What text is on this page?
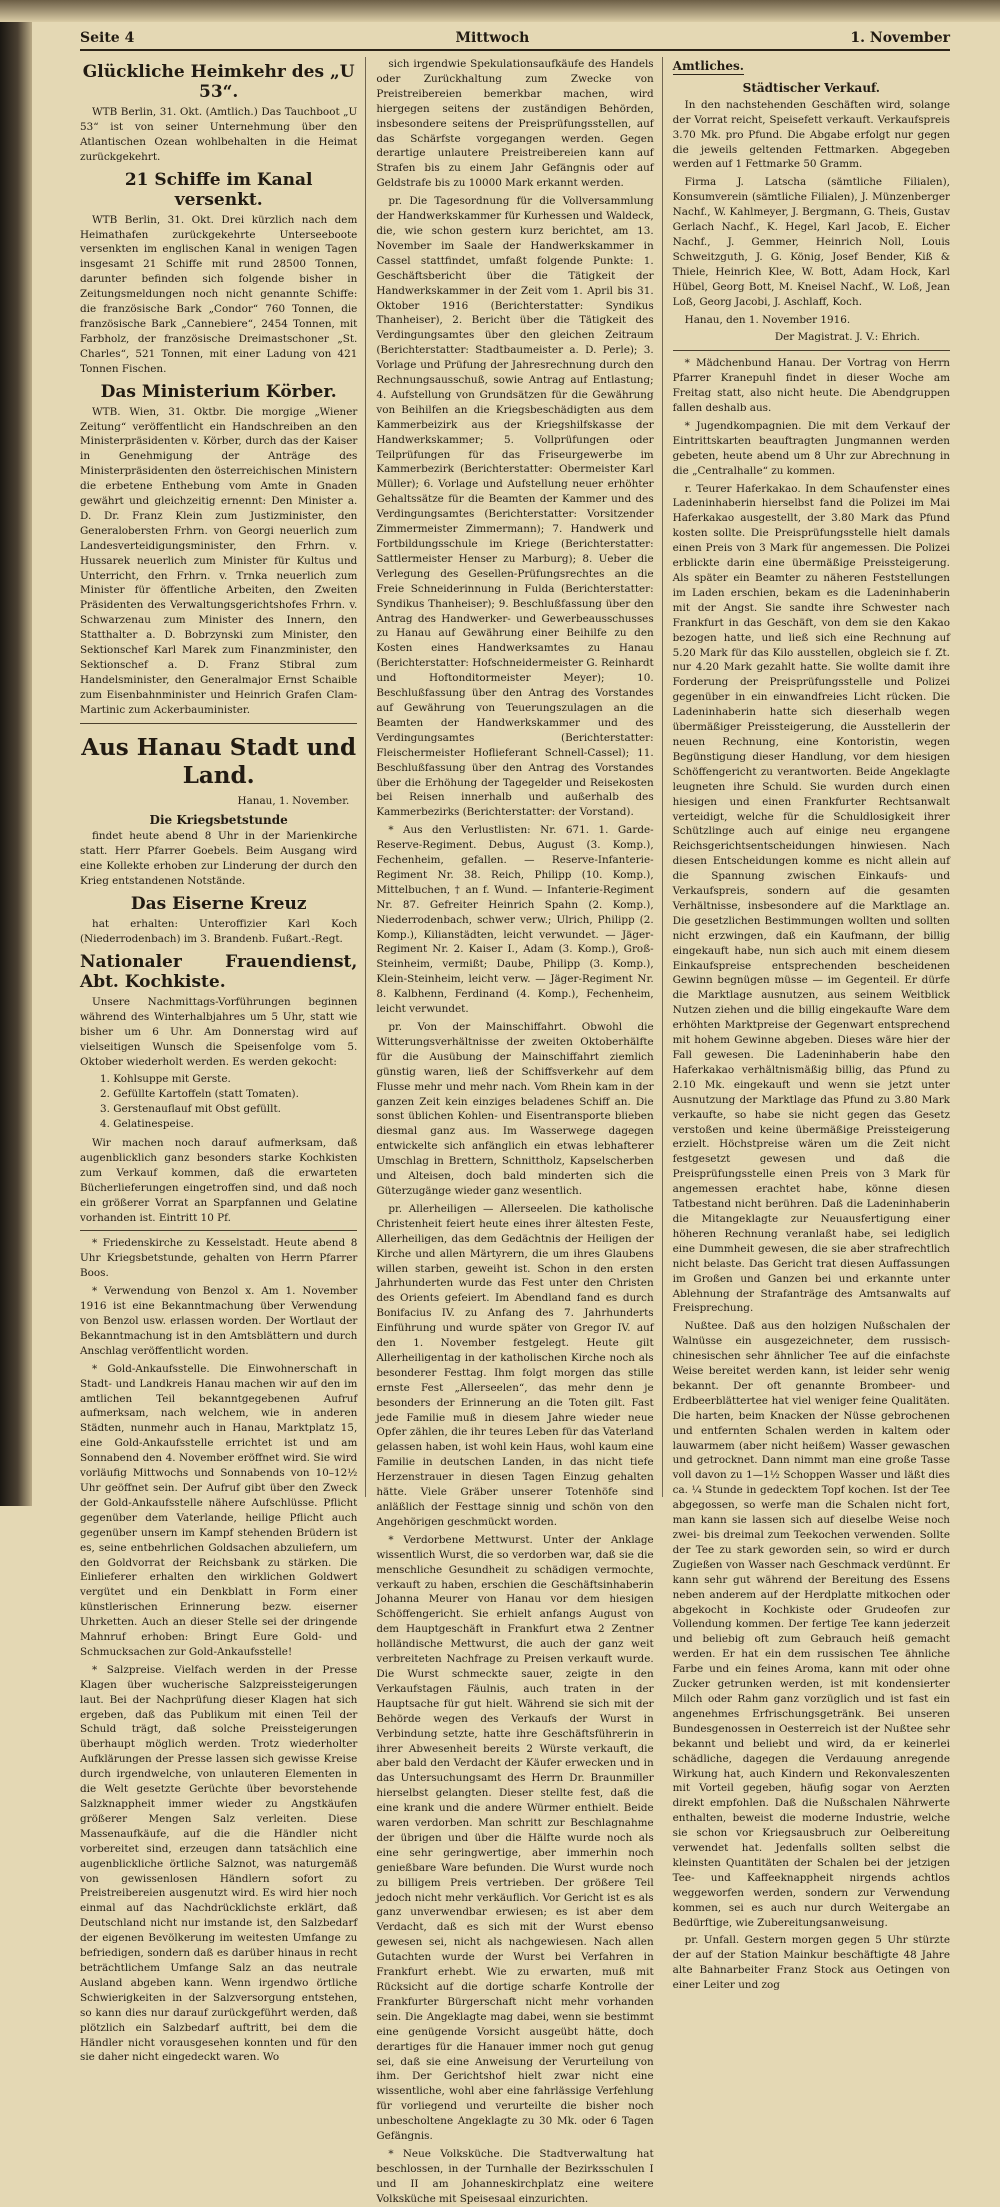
Seite 4	Mittwoch	1. November
Glückliche Heimkehr des „U 53“.

WTB Berlin, 31. Okt. (Amtlich.) Das Tauchboot „U 53“ ist von seiner Unternehmung über den Atlantischen Ozean wohlbehalten in die Heimat zurückgekehrt.

21 Schiffe im Kanal versenkt.

WTB Berlin, 31. Okt. Drei kürzlich nach dem Heimathafen zurückgekehrte Unterseeboote versenkten im englischen Kanal in wenigen Tagen insgesamt 21 Schiffe mit rund 28500 Tonnen, darunter befinden sich folgende bisher in Zeitungsmeldungen noch nicht genannte Schiffe: die französische Bark „Condor“ 760 Tonnen, die französische Bark „Cannebiere“, 2454 Tonnen, mit Farbholz, der französische Dreimastschoner „St. Charles“, 521 Tonnen, mit einer Ladung von 421 Tonnen Fischen.

Das Ministerium Körber.

WTB. Wien, 31. Oktbr. Die morgige „Wiener Zeitung“ veröffentlicht ein Handschreiben an den Ministerpräsidenten v. Körber, durch das der Kaiser in Genehmigung der Anträge des Ministerpräsidenten den österreichischen Ministern die erbetene Enthebung vom Amte in Gnaden gewährt und gleichzeitig ernennt: Den Minister a. D. Dr. Franz Klein zum Justizminister, den Generalobersten Frhrn. von Georgi neuerlich zum Landesverteidigungsminister, den Frhrn. v. Hussarek neuerlich zum Minister für Kultus und Unterricht, den Frhrn. v. Trnka neuerlich zum Minister für öffentliche Arbeiten, den Zweiten Präsidenten des Verwaltungsgerichtshofes Frhrn. v. Schwarzenau zum Minister des Innern, den Statthalter a. D. Bobrzynski zum Minister, den Sektionschef Karl Marek zum Finanzminister, den Sektionschef a. D. Franz Stibral zum Handelsminister, den Generalmajor Ernst Schaible zum Eisenbahnminister und Heinrich Grafen Clam-Martinic zum Ackerbauminister.

Aus Hanau Stadt und Land.
Hanau, 1. November.
Die Kriegsbetstunde

findet heute abend 8 Uhr in der Marienkirche statt. Herr Pfarrer Goebels. Beim Ausgang wird eine Kollekte erhoben zur Linderung der durch den Krieg entstandenen Notstände.

Das Eiserne Kreuz

hat erhalten: Unteroffizier Karl Koch (Niederrodenbach) im 3. Brandenb. Fußart.-Regt.

Nationaler Frauendienst, Abt. Kochkiste.

Unsere Nachmittags-Vorführungen beginnen während des Winterhalbjahres um 5 Uhr, statt wie bisher um 6 Uhr. Am Donnerstag wird auf vielseitigen Wunsch die Speisenfolge vom 5. Oktober wiederholt werden. Es werden gekocht:

1. Kohlsuppe mit Gerste.
2. Gefüllte Kartoffeln (statt Tomaten).
3. Gerstenauflauf mit Obst gefüllt.
4. Gelatinespeise.

Wir machen noch darauf aufmerksam, daß augenblicklich ganz besonders starke Kochkisten zum Verkauf kommen, daß die erwarteten Bücherlieferungen eingetroffen sind, und daß noch ein größerer Vorrat an Sparpfannen und Gelatine vorhanden ist. Eintritt 10 Pf.

* Friedenskirche zu Kesselstadt. Heute abend 8 Uhr Kriegsbetstunde, gehalten von Herrn Pfarrer Boos.

* Verwendung von Benzol x. Am 1. November 1916 ist eine Bekanntmachung über Verwendung von Benzol usw. erlassen worden. Der Wortlaut der Bekanntmachung ist in den Amtsblättern und durch Anschlag veröffentlicht worden.

* Gold-Ankaufsstelle. Die Einwohnerschaft in Stadt- und Landkreis Hanau machen wir auf den im amtlichen Teil bekanntgegebenen Aufruf aufmerksam, nach welchem, wie in anderen Städten, nunmehr auch in Hanau, Marktplatz 15, eine Gold-Ankaufsstelle errichtet ist und am Sonnabend den 4. November eröffnet wird. Sie wird vorläufig Mittwochs und Sonnabends von 10–12½ Uhr geöffnet sein. Der Aufruf gibt über den Zweck der Gold-Ankaufsstelle nähere Aufschlüsse. Pflicht gegenüber dem Vaterlande, heilige Pflicht auch gegenüber unsern im Kampf stehenden Brüdern ist es, seine entbehrlichen Goldsachen abzuliefern, um den Goldvorrat der Reichsbank zu stärken. Die Einlieferer erhalten den wirklichen Goldwert vergütet und ein Denkblatt in Form einer künstlerischen Erinnerung bezw. eiserner Uhrketten. Auch an dieser Stelle sei der dringende Mahnruf erhoben: Bringt Eure Gold- und Schmucksachen zur Gold-Ankaufsstelle!

* Salzpreise. Vielfach werden in der Presse Klagen über wucherische Salzpreissteigerungen laut. Bei der Nachprüfung dieser Klagen hat sich ergeben, daß das Publikum mit einen Teil der Schuld trägt, daß solche Preissteigerungen überhaupt möglich werden. Trotz wiederholter Aufklärungen der Presse lassen sich gewisse Kreise durch irgendwelche, von unlauteren Elementen in die Welt gesetzte Gerüchte über bevorstehende Salzknappheit immer wieder zu Angstkäufen größerer Mengen Salz verleiten. Diese Massenaufkäufe, auf die die Händler nicht vorbereitet sind, erzeugen dann tatsächlich eine augenblickliche örtliche Salznot, was naturgemäß von gewissenlosen Händlern sofort zu Preistreibereien ausgenutzt wird. Es wird hier noch einmal auf das Nachdrücklichste erklärt, daß Deutschland nicht nur imstande ist, den Salzbedarf der eigenen Bevölkerung im weitesten Umfange zu befriedigen, sondern daß es darüber hinaus in recht beträchtlichem Umfange Salz an das neutrale Ausland abgeben kann. Wenn irgendwo örtliche Schwierigkeiten in der Salzversorgung entstehen, so kann dies nur darauf zurückgeführt werden, daß plötzlich ein Salzbedarf auftritt, bei dem die Händler nicht vorausgesehen konnten und für den sie daher nicht eingedeckt waren. Wo

sich irgendwie Spekulationsaufkäufe des Handels oder Zurückhaltung zum Zwecke von Preistreibereien bemerkbar machen, wird hiergegen seitens der zuständigen Behörden, insbesondere seitens der Preisprüfungsstellen, auf das Schärfste vorgegangen werden. Gegen derartige unlautere Preistreibereien kann auf Strafen bis zu einem Jahr Gefängnis oder auf Geldstrafe bis zu 10000 Mark erkannt werden.

pr. Die Tagesordnung für die Vollversammlung der Handwerkskammer für Kurhessen und Waldeck, die, wie schon gestern kurz berichtet, am 13. November im Saale der Handwerkskammer in Cassel stattfindet, umfaßt folgende Punkte: 1. Geschäftsbericht über die Tätigkeit der Handwerkskammer in der Zeit vom 1. April bis 31. Oktober 1916 (Berichterstatter: Syndikus Thanheiser), 2. Bericht über die Tätigkeit des Verdingungsamtes über den gleichen Zeitraum (Berichterstatter: Stadtbaumeister a. D. Perle); 3. Vorlage und Prüfung der Jahresrechnung durch den Rechnungsausschuß, sowie Antrag auf Entlastung; 4. Aufstellung von Grundsätzen für die Gewährung von Beihilfen an die Kriegsbeschädigten aus dem Kammerbeizirk aus der Kriegshilfskasse der Handwerkskammer; 5. Vollprüfungen oder Teilprüfungen für das Friseurgewerbe im Kammerbezirk (Berichterstatter: Obermeister Karl Müller); 6. Vorlage und Aufstellung neuer erhöhter Gehaltssätze für die Beamten der Kammer und des Verdingungsamtes (Berichterstatter: Vorsitzender Zimmermeister Zimmermann); 7. Handwerk und Fortbildungsschule im Kriege (Berichterstatter: Sattlermeister Henser zu Marburg); 8. Ueber die Verlegung des Gesellen-Prüfungsrechtes an die Freie Schneiderinnung in Fulda (Berichterstatter: Syndikus Thanheiser); 9. Beschlußfassung über den Antrag des Handwerker- und Gewerbeausschusses zu Hanau auf Gewährung einer Beihilfe zu den Kosten eines Handwerksamtes zu Hanau (Berichterstatter: Hofschneidermeister G. Reinhardt und Hoftonditormeister Meyer); 10. Beschlußfassung über den Antrag des Vorstandes auf Gewährung von Teuerungszulagen an die Beamten der Handwerkskammer und des Verdingungsamtes (Berichterstatter: Fleischermeister Hoflieferant Schnell-Cassel); 11. Beschlußfassung über den Antrag des Vorstandes über die Erhöhung der Tagegelder und Reisekosten bei Reisen innerhalb und außerhalb des Kammerbezirks (Berichterstatter: der Vorstand).

* Aus den Verlustlisten: Nr. 671. 1. Garde-Reserve-Regiment. Debus, August (3. Komp.), Fechenheim, gefallen. — Reserve-Infanterie-Regiment Nr. 38. Reich, Philipp (10. Komp.), Mittelbuchen, † an f. Wund. — Infanterie-Regiment Nr. 87. Gefreiter Heinrich Spahn (2. Komp.), Niederrodenbach, schwer verw.; Ulrich, Philipp (2. Komp.), Kilianstädten, leicht verwundet. — Jäger-Regiment Nr. 2. Kaiser I., Adam (3. Komp.), Groß-Steinheim, vermißt; Daube, Philipp (3. Komp.), Klein-Steinheim, leicht verw. — Jäger-Regiment Nr. 8. Kalbhenn, Ferdinand (4. Komp.), Fechenheim, leicht verwundet.

pr. Von der Mainschiffahrt. Obwohl die Witterungsverhältnisse der zweiten Oktoberhälfte für die Ausübung der Mainschiffahrt ziemlich günstig waren, ließ der Schiffsverkehr auf dem Flusse mehr und mehr nach. Vom Rhein kam in der ganzen Zeit kein einziges beladenes Schiff an. Die sonst üblichen Kohlen- und Eisentransporte blieben diesmal ganz aus. Im Wasserwege dagegen entwickelte sich anfänglich ein etwas lebhafterer Umschlag in Brettern, Schnittholz, Kapselscherben und Alteisen, doch bald minderten sich die Güterzugänge wieder ganz wesentlich.

pr. Allerheiligen — Allerseelen. Die katholische Christenheit feiert heute eines ihrer ältesten Feste, Allerheiligen, das dem Gedächtnis der Heiligen der Kirche und allen Märtyrern, die um ihres Glaubens willen starben, geweiht ist. Schon in den ersten Jahrhunderten wurde das Fest unter den Christen des Orients gefeiert. Im Abendland fand es durch Bonifacius IV. zu Anfang des 7. Jahrhunderts Einführung und wurde später von Gregor IV. auf den 1. November festgelegt. Heute gilt Allerheiligentag in der katholischen Kirche noch als besonderer Festtag. Ihm folgt morgen das stille ernste Fest „Allerseelen“, das mehr denn je besonders der Erinnerung an die Toten gilt. Fast jede Familie muß in diesem Jahre wieder neue Opfer zählen, die ihr teures Leben für das Vaterland gelassen haben, ist wohl kein Haus, wohl kaum eine Familie in deutschen Landen, in das nicht tiefe Herzenstrauer in diesen Tagen Einzug gehalten hätte. Viele Gräber unserer Totenhöfe sind anläßlich der Festtage sinnig und schön von den Angehörigen geschmückt worden.

* Verdorbene Mettwurst. Unter der Anklage wissentlich Wurst, die so verdorben war, daß sie die menschliche Gesundheit zu schädigen vermochte, verkauft zu haben, erschien die Geschäftsinhaberin Johanna Meurer von Hanau vor dem hiesigen Schöffengericht. Sie erhielt anfangs August von dem Hauptgeschäft in Frankfurt etwa 2 Zentner holländische Mettwurst, die auch der ganz weit verbreiteten Nachfrage zu Preisen verkauft wurde. Die Wurst schmeckte sauer, zeigte in den Verkaufstagen Fäulnis, auch traten in der Hauptsache für gut hielt. Während sie sich mit der Behörde wegen des Verkaufs der Wurst in Verbindung setzte, hatte ihre Geschäftsführerin in ihrer Abwesenheit bereits 2 Würste verkauft, die aber bald den Verdacht der Käufer erwecken und in das Untersuchungsamt des Herrn Dr. Braunmiller hierselbst gelangten. Dieser stellte fest, daß die eine krank und die andere Würmer enthielt. Beide waren verdorben. Man schritt zur Beschlagnahme der übrigen und über die Hälfte wurde noch als eine sehr geringwertige, aber immerhin noch genießbare Ware befunden. Die Wurst wurde noch zu billigem Preis vertrieben. Der größere Teil jedoch nicht mehr verkäuflich. Vor Gericht ist es als ganz unverwendbar erwiesen; es ist aber dem Verdacht, daß es sich mit der Wurst ebenso gewesen sei, nicht als nachgewiesen. Nach allen Gutachten wurde der Wurst bei Verfahren in Frankfurt erhebt. Wie zu erwarten, muß mit Rücksicht auf die dortige scharfe Kontrolle der Frankfurter Bürgerschaft nicht mehr vorhanden sein. Die Angeklagte mag dabei, wenn sie bestimmt eine genügende Vorsicht ausgeübt hätte, doch derartiges für die Hanauer immer noch gut genug sei, daß sie eine Anweisung der Verurteilung von ihm. Der Gerichtshof hielt zwar nicht eine wissentliche, wohl aber eine fahrlässige Verfehlung für vorliegend und verurteilte die bisher noch unbescholtene Angeklagte zu 30 Mk. oder 6 Tagen Gefängnis.

* Neue Volksküche. Die Stadtverwaltung hat beschlossen, in der Turnhalle der Bezirksschulen I und II am Johanneskirchplatz eine weitere Volksküche mit Speisesaal einzurichten.

Amtliches.
Städtischer Verkauf.

In den nachstehenden Geschäften wird, solange der Vorrat reicht, Speisefett verkauft. Verkaufspreis 3.70 Mk. pro Pfund. Die Abgabe erfolgt nur gegen die jeweils geltenden Fettmarken. Abgegeben werden auf 1 Fettmarke 50 Gramm.

Firma J. Latscha (sämtliche Filialen), Konsumverein (sämtliche Filialen), J. Münzenberger Nachf., W. Kahlmeyer, J. Bergmann, G. Theis, Gustav Gerlach Nachf., K. Hegel, Karl Jacob, E. Eicher Nachf., J. Gemmer, Heinrich Noll, Louis Schweitzguth, J. G. König, Josef Bender, Kiß & Thiele, Heinrich Klee, W. Bott, Adam Hock, Karl Hübel, Georg Bott, M. Kneisel Nachf., W. Loß, Jean Loß, Georg Jacobi, J. Aschlaff, Koch.

Hanau, den 1. November 1916.

Der Magistrat. J. V.: Ehrich.

* Mädchenbund Hanau. Der Vortrag von Herrn Pfarrer Kranepuhl findet in dieser Woche am Freitag statt, also nicht heute. Die Abendgruppen fallen deshalb aus.

* Jugendkompagnien. Die mit dem Verkauf der Eintrittskarten beauftragten Jungmannen werden gebeten, heute abend um 8 Uhr zur Abrechnung in die „Centralhalle“ zu kommen.

r. Teurer Haferkakao. In dem Schaufenster eines Ladeninhaberin hierselbst fand die Polizei im Mai Haferkakao ausgestellt, der 3.80 Mark das Pfund kosten sollte. Die Preisprüfungsstelle hielt damals einen Preis von 3 Mark für angemessen. Die Polizei erblickte darin eine übermäßige Preissteigerung. Als später ein Beamter zu näheren Feststellungen im Laden erschien, bekam es die Ladeninhaberin mit der Angst. Sie sandte ihre Schwester nach Frankfurt in das Geschäft, von dem sie den Kakao bezogen hatte, und ließ sich eine Rechnung auf 5.20 Mark für das Kilo ausstellen, obgleich sie f. Zt. nur 4.20 Mark gezahlt hatte. Sie wollte damit ihre Forderung der Preisprüfungsstelle und Polizei gegenüber in ein einwandfreies Licht rücken. Die Ladeninhaberin hatte sich dieserhalb wegen übermäßiger Preissteigerung, die Ausstellerin der neuen Rechnung, eine Kontoristin, wegen Begünstigung dieser Handlung, vor dem hiesigen Schöffengericht zu verantworten. Beide Angeklagte leugneten ihre Schuld. Sie wurden durch einen hiesigen und einen Frankfurter Rechtsanwalt verteidigt, welche für die Schuldlosigkeit ihrer Schützlinge auch auf einige neu ergangene Reichsgerichtsentscheidungen hinwiesen. Nach diesen Entscheidungen komme es nicht allein auf die Spannung zwischen Einkaufs- und Verkaufspreis, sondern auf die gesamten Verhältnisse, insbesondere auf die Marktlage an. Die gesetzlichen Bestimmungen wollten und sollten nicht erzwingen, daß ein Kaufmann, der billig eingekauft habe, nun sich auch mit einem diesem Einkaufspreise entsprechenden bescheidenen Gewinn begnügen müsse — im Gegenteil. Er dürfe die Marktlage ausnutzen, aus seinem Weitblick Nutzen ziehen und die billig eingekaufte Ware dem erhöhten Marktpreise der Gegenwart entsprechend mit hohem Gewinne abgeben. Dieses wäre hier der Fall gewesen. Die Ladeninhaberin habe den Haferkakao verhältnismäßig billig, das Pfund zu 2.10 Mk. eingekauft und wenn sie jetzt unter Ausnutzung der Marktlage das Pfund zu 3.80 Mark verkaufte, so habe sie nicht gegen das Gesetz verstoßen und keine übermäßige Preissteigerung erzielt. Höchstpreise wären um die Zeit nicht festgesetzt gewesen und daß die Preisprüfungsstelle einen Preis von 3 Mark für angemessen erachtet habe, könne diesen Tatbestand nicht berühren. Daß die Ladeninhaberin die Mitangeklagte zur Neuausfertigung einer höheren Rechnung veranlaßt habe, sei lediglich eine Dummheit gewesen, die sie aber strafrechtlich nicht belaste. Das Gericht trat diesen Auffassungen im Großen und Ganzen bei und erkannte unter Ablehnung der Strafanträge des Amtsanwalts auf Freisprechung.

Nußtee. Daß aus den holzigen Nußschalen der Walnüsse ein ausgezeichneter, dem russisch-chinesischen sehr ähnlicher Tee auf die einfachste Weise bereitet werden kann, ist leider sehr wenig bekannt. Der oft genannte Brombeer- und Erdbeerblättertee hat viel weniger feine Qualitäten. Die harten, beim Knacken der Nüsse gebrochenen und entfernten Schalen werden in kaltem oder lauwarmem (aber nicht heißem) Wasser gewaschen und getrocknet. Dann nimmt man eine große Tasse voll davon zu 1—1½ Schoppen Wasser und läßt dies ca. ¼ Stunde in gedecktem Topf kochen. Ist der Tee abgegossen, so werfe man die Schalen nicht fort, man kann sie lassen sich auf dieselbe Weise noch zwei- bis dreimal zum Teekochen verwenden. Sollte der Tee zu stark geworden sein, so wird er durch Zugießen von Wasser nach Geschmack verdünnt. Er kann sehr gut während der Bereitung des Essens neben anderem auf der Herdplatte mitkochen oder abgekocht in Kochkiste oder Grudeofen zur Vollendung kommen. Der fertige Tee kann jederzeit und beliebig oft zum Gebrauch heiß gemacht werden. Er hat ein dem russischen Tee ähnliche Farbe und ein feines Aroma, kann mit oder ohne Zucker getrunken werden, ist mit kondensierter Milch oder Rahm ganz vorzüglich und ist fast ein angenehmes Erfrischungsgetränk. Bei unseren Bundesgenossen in Oesterreich ist der Nußtee sehr bekannt und beliebt und wird, da er keinerlei schädliche, dagegen die Verdauung anregende Wirkung hat, auch Kindern und Rekonvaleszenten mit Vorteil gegeben, häufig sogar von Aerzten direkt empfohlen. Daß die Nußschalen Nährwerte enthalten, beweist die moderne Industrie, welche sie schon vor Kriegsausbruch zur Oelbereitung verwendet hat. Jedenfalls sollten selbst die kleinsten Quantitäten der Schalen bei der jetzigen Tee- und Kaffeeknappheit nirgends achtlos weggeworfen werden, sondern zur Verwendung kommen, sei es auch nur durch Weitergabe an Bedürftige, wie Zubereitungsanweisung.

pr. Unfall. Gestern morgen gegen 5 Uhr stürzte der auf der Station Mainkur beschäftigte 48 Jahre alte Bahnarbeiter Franz Stock aus Oetingen von einer Leiter und zog
